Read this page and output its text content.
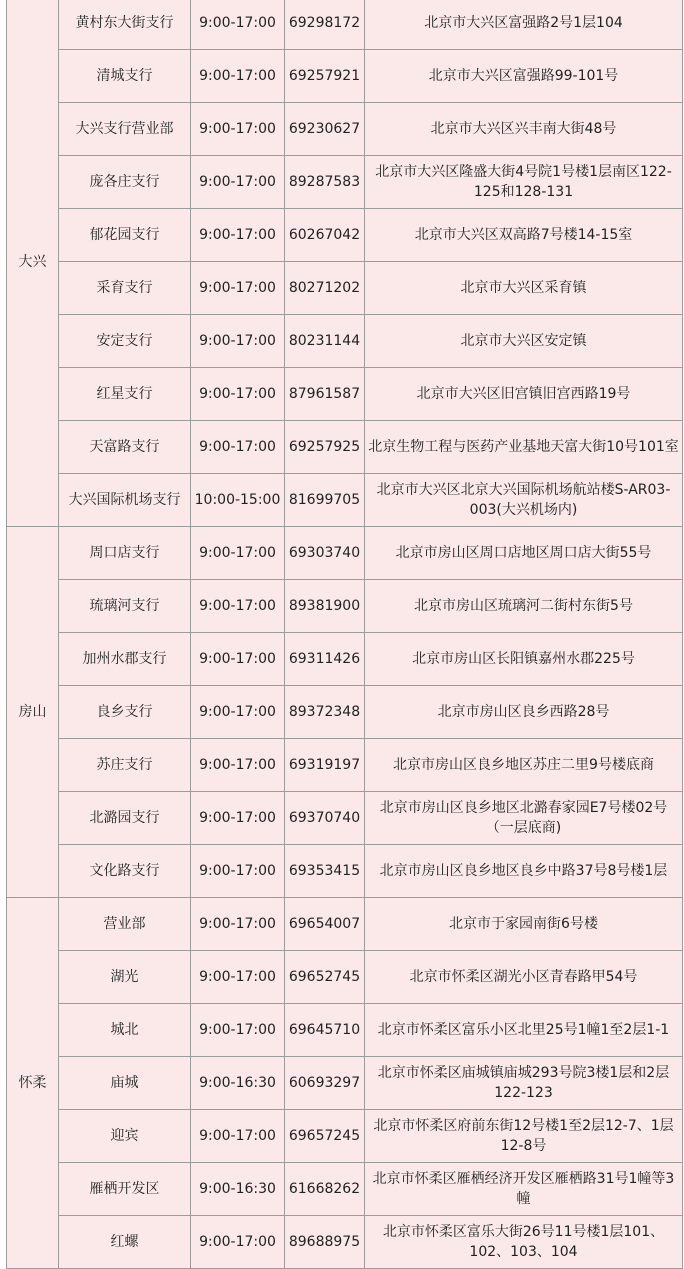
大兴	黄村东大街支行	9:00-17:00	69298172	北京市大兴区富强路2号1层104
	清城支行	9:00-17:00	69257921	北京市大兴区富强路99-101号
	大兴支行营业部	9:00-17:00	69230627	北京市大兴区兴丰南大街48号
	庞各庄支行	9:00-17:00	89287583	北京市大兴区隆盛大街4号院1号楼1层南区122-125和128-131
	郁花园支行	9:00-17:00	60267042	北京市大兴区双高路7号楼14-15室
	采育支行	9:00-17:00	80271202	北京市大兴区采育镇
	安定支行	9:00-17:00	80231144	北京市大兴区安定镇
	红星支行	9:00-17:00	87961587	北京市大兴区旧宫镇旧宫西路19号
	天富路支行	9:00-17:00	69257925	北京生物工程与医药产业基地天富大街10号101室
	大兴国际机场支行	10:00-15:00	81699705	北京市大兴区北京大兴国际机场航站楼S-AR03-003(大兴机场内)
房山	周口店支行	9:00-17:00	69303740	北京市房山区周口店地区周口店大街55号
	琉璃河支行	9:00-17:00	89381900	北京市房山区琉璃河二街村东街5号
	加州水郡支行	9:00-17:00	69311426	北京市房山区长阳镇嘉州水郡225号
	良乡支行	9:00-17:00	89372348	北京市房山区良乡西路28号
	苏庄支行	9:00-17:00	69319197	北京市房山区良乡地区苏庄二里9号楼底商
	北潞园支行	9:00-17:00	69370740	北京市房山区良乡地区北潞春家园E7号楼02号（一层底商)
	文化路支行	9:00-17:00	69353415	北京市房山区良乡地区良乡中路37号8号楼1层
怀柔	营业部	9:00-17:00	69654007	北京市于家园南街6号楼
	湖光	9:00-17:00	69652745	北京市怀柔区湖光小区青春路甲54号
	城北	9:00-17:00	69645710	北京市怀柔区富乐小区北里25号1幢1至2层1-1
	庙城	9:00-16:30	60693297	北京市怀柔区庙城镇庙城293号院3楼1层和2层122-123
	迎宾	9:00-17:00	69657245	北京市怀柔区府前东街12号楼1至2层12-7、1层12-8号
	雁栖开发区	9:00-16:30	61668262	北京市怀柔区雁栖经济开发区雁栖路31号1幢等3幢
	红螺	9:00-17:00	89688975	北京市怀柔区富乐大街26号11号楼1层101、102、103、104
